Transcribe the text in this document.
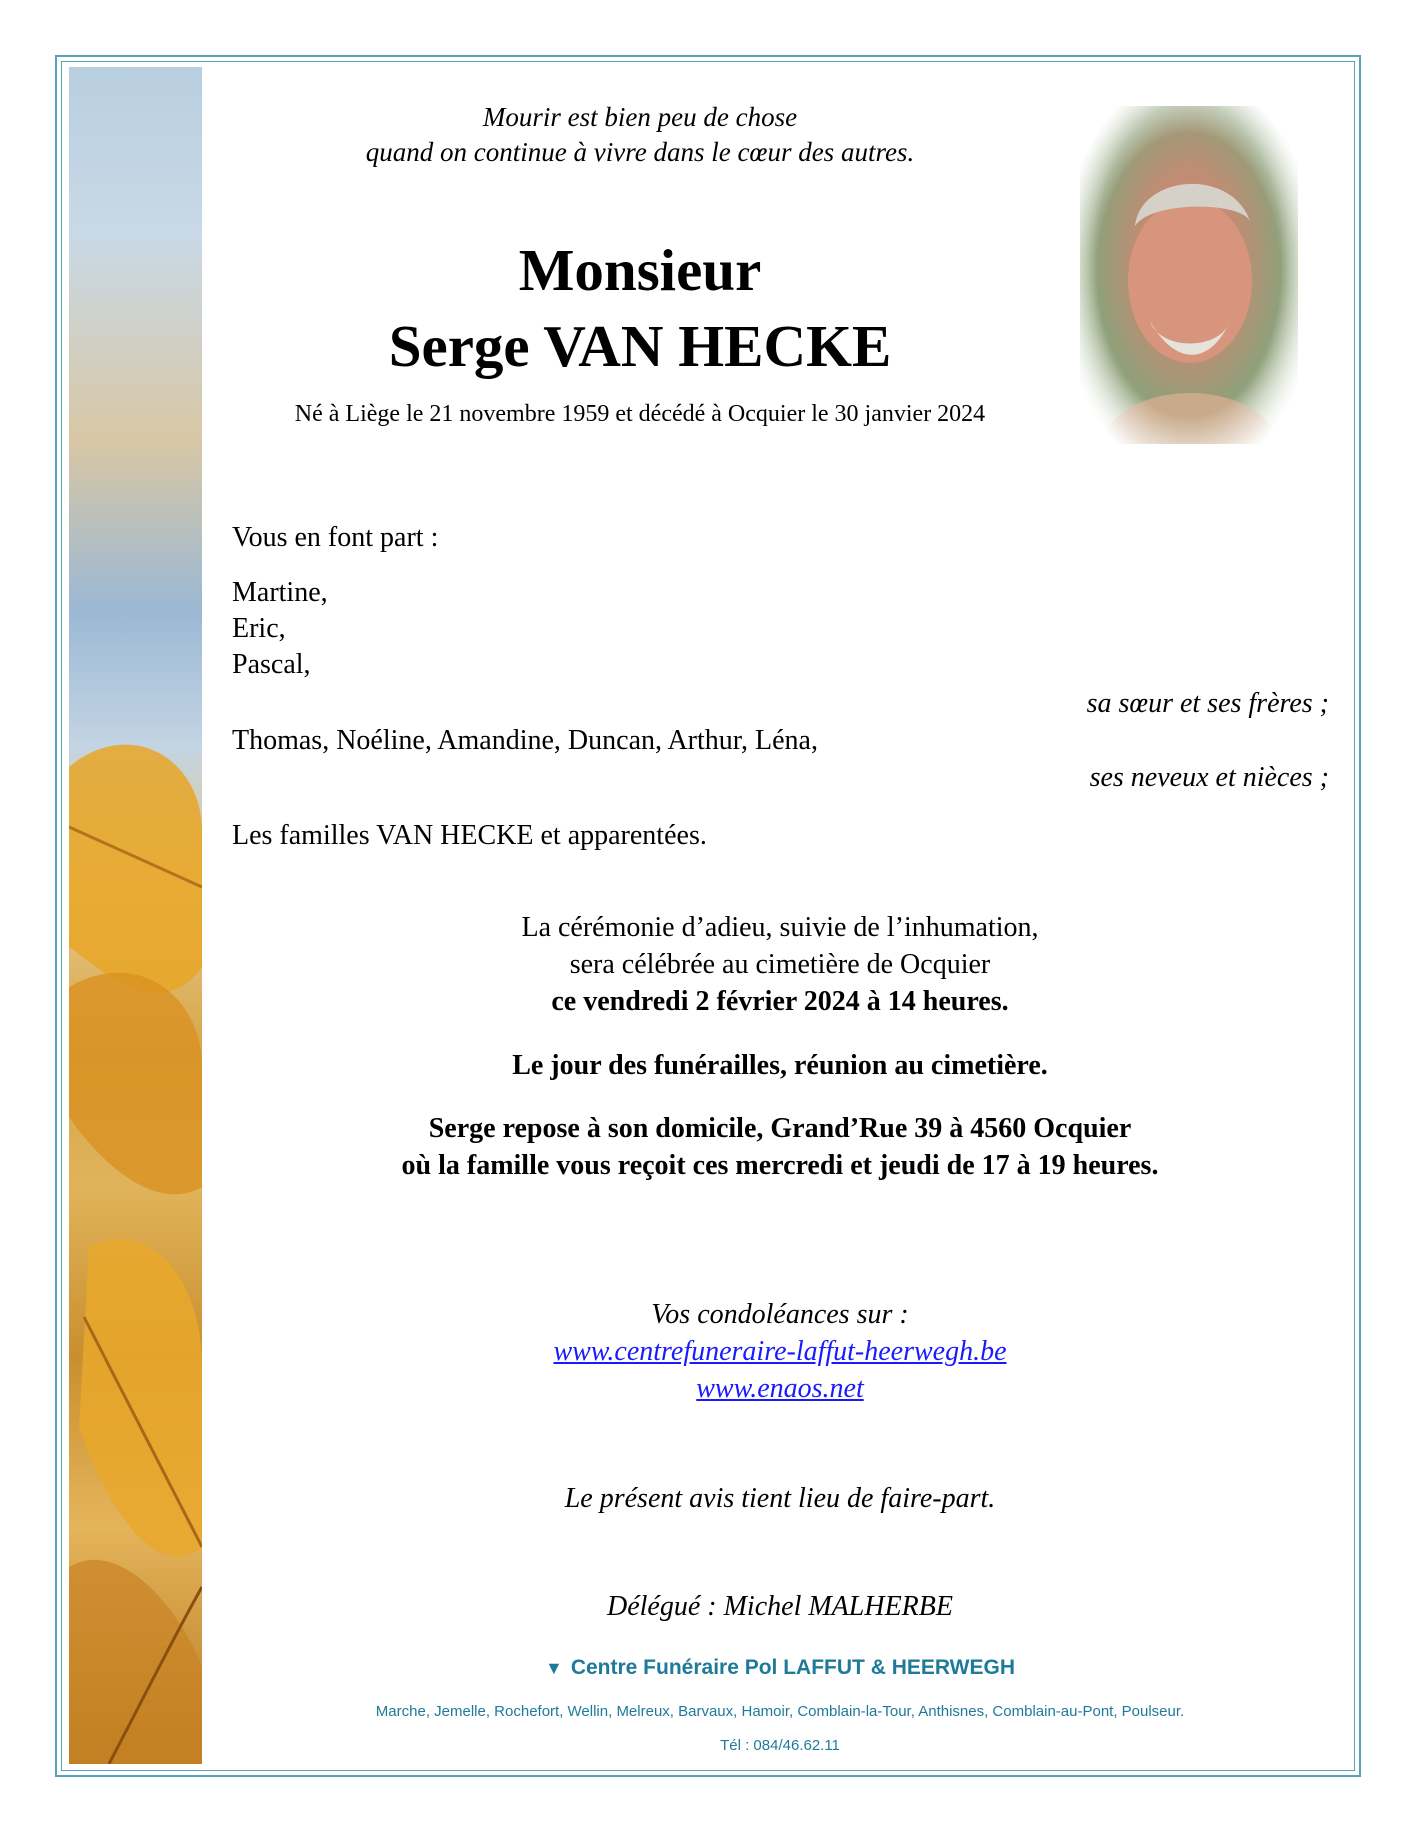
Mourir est bien peu de chose
quand on continue à vivre dans le cœur des autres.
Monsieur
Serge VAN HECKE
Né à Liège le 21 novembre 1959 et décédé à Ocquier le 30 janvier 2024
Vous en font part :
Martine,
Eric,
Pascal,
sa sœur et ses frères ;
Thomas, Noéline, Amandine, Duncan, Arthur, Léna,
ses neveux et nièces ;
Les familles VAN HECKE et apparentées.
La cérémonie d’adieu, suivie de l’inhumation,
sera célébrée au cimetière de Ocquier
ce vendredi 2 février 2024 à 14 heures.
Le jour des funérailles, réunion au cimetière.
Serge repose à son domicile, Grand’Rue 39 à 4560 Ocquier
où la famille vous reçoit ces mercredi et jeudi de 17 à 19 heures.
Vos condoléances sur :
www.centrefuneraire-laffut-heerwegh.be
www.enaos.net
Le présent avis tient lieu de faire-part.
Délégué : Michel MALHERBE
▼ Centre Funéraire Pol LAFFUT & HEERWEGH
Marche, Jemelle, Rochefort, Wellin, Melreux, Barvaux, Hamoir, Comblain-la-Tour, Anthisnes, Comblain-au-Pont, Poulseur.
Tél : 084/46.62.11
